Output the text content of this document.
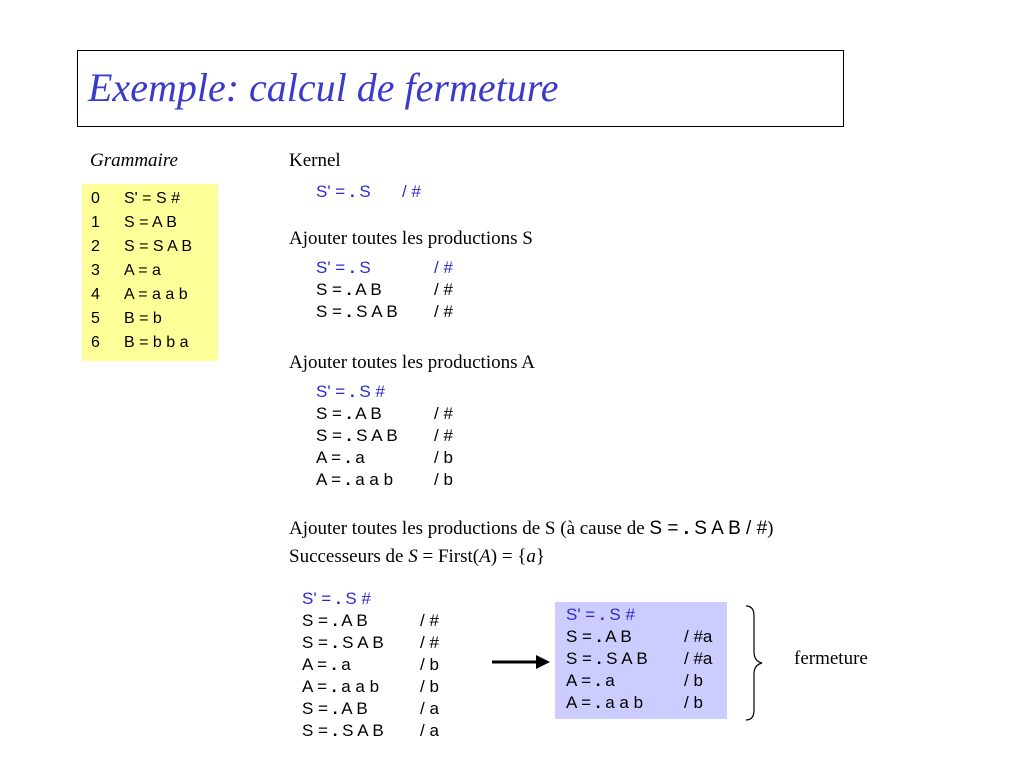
Exemple: calcul de fermeture

Grammaire

0 S' = S #
1 S = A B
2 S = S A B
3 A = a
4 A = a a b
5 B = b
6 B = b b a

Kernel

S' = . S / #

Ajouter toutes les productions S

S' = . S	/ #
S = . A B	/ #
S = . S A B / #

Ajouter toutes les productions A

S' = . S #
S = . A B	/ #
S = . S A B / #
A = . a	/ b
A = . a a b / b

Ajouter toutes les productions de S (à cause de S = . S A B / #)

Successeurs de S = First(A) = {a}

S' = . S #
S = . A B	/ #
S = . S A B / #
A = . a	/ b
A = . a a b / b
S = . A B	/ a
S = . S A B / a
S' = . S #
S = . A B	/ #a
S = . S A B / #a
A = . a	/ b
A = . a a b / b

fermeture
